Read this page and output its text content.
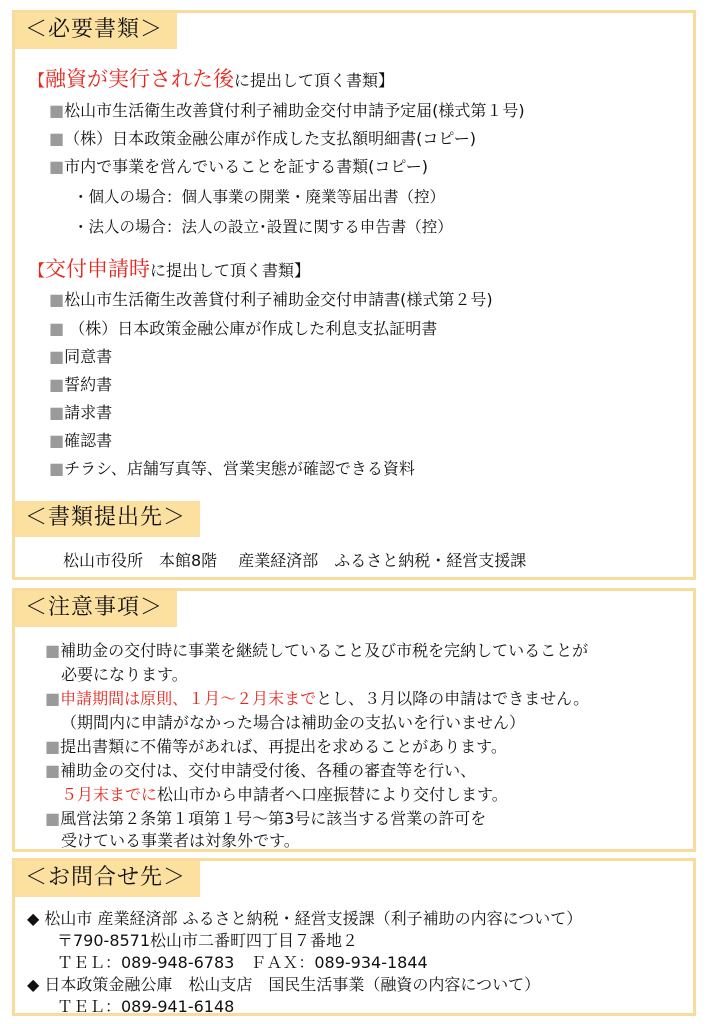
＜必要書類＞
【融資が実行された後に提出して頂く書類】
■松山市生活衛生改善貸付利子補助金交付申請予定届(様式第１号)
■（株）日本政策金融公庫が作成した支払額明細書(コピー)
■市内で事業を営んでいることを証する書類(コピー)
・個人の場合：個人事業の開業・廃業等届出書（控）
・法人の場合：法人の設立･設置に関する申告書（控）
【交付申請時に提出して頂く書類】
■松山市生活衛生改善貸付利子補助金交付申請書(様式第２号)
■ （株）日本政策金融公庫が作成した利息支払証明書
■同意書
■誓約書
■請求書
■確認書
■チラシ、店舗写真等、営業実態が確認できる資料
＜書類提出先＞
松山市役所　本館8階　 産業経済部　ふるさと納税・経営支援課
＜注意事項＞
■補助金の交付時に事業を継続していること及び市税を完納していることが
必要になります。
■申請期間は原則、１月～２月末までとし、３月以降の申請はできません。
（期間内に申請がなかった場合は補助金の支払いを行いません）
■提出書類に不備等があれば、再提出を求めることがあります。
■補助金の交付は、交付申請受付後、各種の審査等を行い、
５月末までに松山市から申請者へ口座振替により交付します。
■風営法第２条第１項第１号～第3号に該当する営業の許可を
受けている事業者は対象外です。
＜お問合せ先＞
◆ 松山市 産業経済部 ふるさと納税・経営支援課（利子補助の内容について）
〒790-8571松山市二番町四丁目７番地２
ＴＥＬ：089-948-6783　ＦＡＸ：089-934-1844
◆ 日本政策金融公庫　松山支店　国民生活事業（融資の内容について）
ＴＥＬ：089-941-6148
